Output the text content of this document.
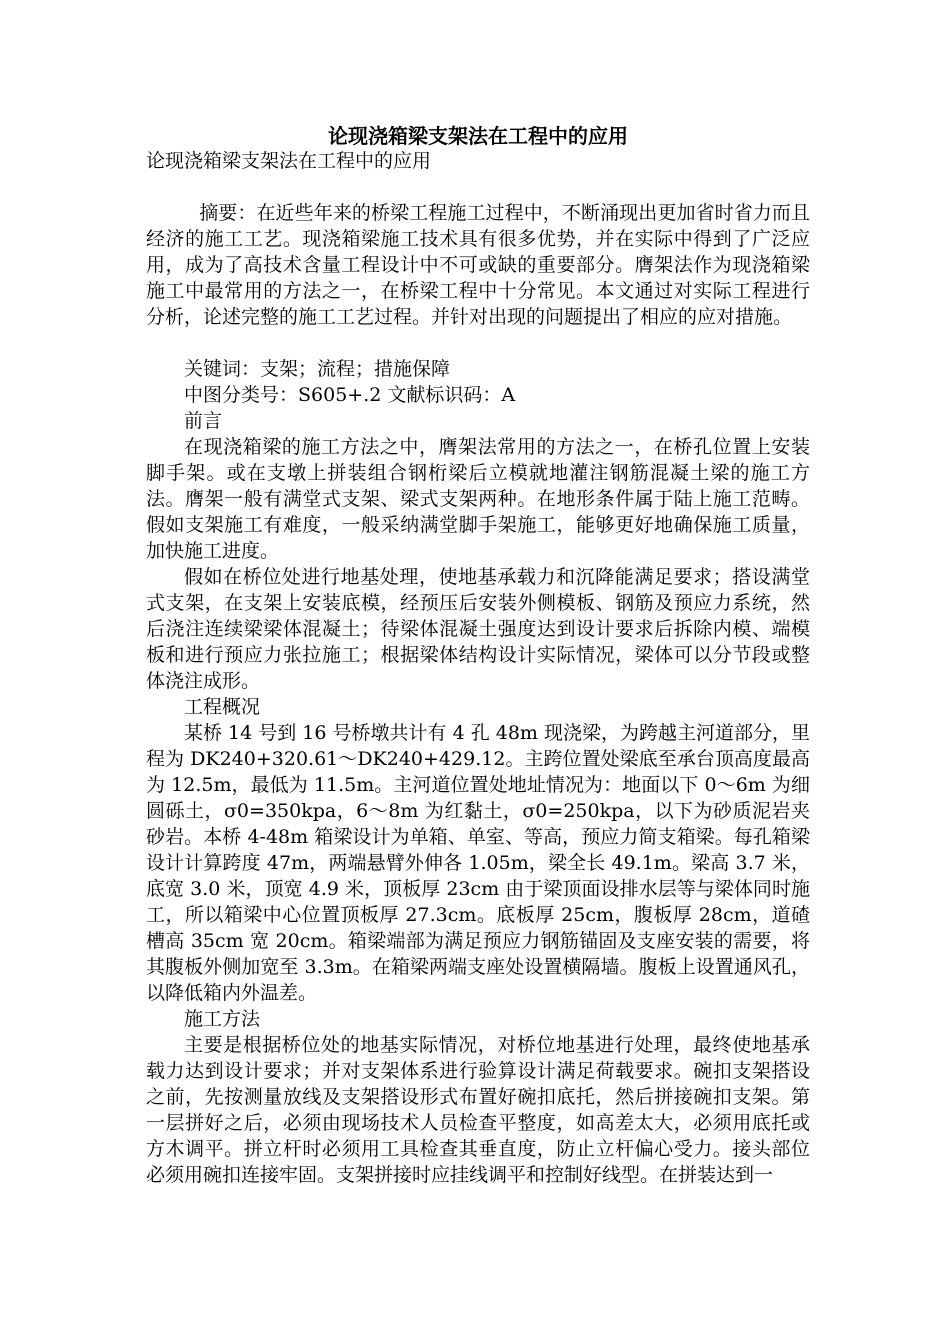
论现浇箱梁支架法在工程中的应用

论现浇箱梁支架法在工程中的应用

摘要：在近些年来的桥梁工程施工过程中，不断涌现出更加省时省力而且经济的施工工艺。现浇箱梁施工技术具有很多优势，并在实际中得到了广泛应用，成为了高技术含量工程设计中不可或缺的重要部分。膺架法作为现浇箱梁施工中最常用的方法之一，在桥梁工程中十分常见。本文通过对实际工程进行分析，论述完整的施工工艺过程。并针对出现的问题提出了相应的应对措施。

关键词：支架；流程；措施保障

中图分类号：S605+.2 文献标识码：A

前言

在现浇箱梁的施工方法之中，膺架法常用的方法之一，在桥孔位置上安装脚手架。或在支墩上拼装组合钢桁梁后立模就地灌注钢筋混凝土梁的施工方法。膺架一般有满堂式支架、梁式支架两种。在地形条件属于陆上施工范畴。假如支架施工有难度，一般采纳满堂脚手架施工，能够更好地确保施工质量，加快施工进度。

假如在桥位处进行地基处理，使地基承载力和沉降能满足要求；搭设满堂式支架，在支架上安装底模，经预压后安装外侧模板、钢筋及预应力系统，然后浇注连续梁梁体混凝土；待梁体混凝土强度达到设计要求后拆除内模、端模板和进行预应力张拉施工；根据梁体结构设计实际情况，梁体可以分节段或整体浇注成形。

工程概况

某桥 14 号到 16 号桥墩共计有 4 孔 48m 现浇梁，为跨越主河道部分，里程为 DK240+320.61～DK240+429.12。主跨位置处梁底至承台顶高度最高为 12.5m，最低为 11.5m。主河道位置处地址情况为：地面以下 0～6m 为细圆砾土，σ0=350kpa，6～8m 为红黏土，σ0=250kpa，以下为砂质泥岩夹砂岩。本桥 4-48m 箱梁设计为单箱、单室、等高，预应力简支箱梁。每孔箱梁设计计算跨度 47m，两端悬臂外伸各 1.05m，梁全长 49.1m。梁高 3.7 米，底宽 3.0 米，顶宽 4.9 米，顶板厚 23cm 由于梁顶面设排水层等与梁体同时施工，所以箱梁中心位置顶板厚 27.3cm。底板厚 25cm，腹板厚 28cm，道碴槽高 35cm 宽 20cm。箱梁端部为满足预应力钢筋锚固及支座安装的需要，将其腹板外侧加宽至 3.3m。在箱梁两端支座处设置横隔墙。腹板上设置通风孔，以降低箱内外温差。

施工方法

主要是根据桥位处的地基实际情况，对桥位地基进行处理，最终使地基承载力达到设计要求；并对支架体系进行验算设计满足荷载要求。碗扣支架搭设之前，先按测量放线及支架搭设形式布置好碗扣底托，然后拼接碗扣支架。第一层拼好之后，必须由现场技术人员检查平整度，如高差太大，必须用底托或方木调平。拼立杆时必须用工具检查其垂直度，防止立杆偏心受力。接头部位必须用碗扣连接牢固。支架拼接时应挂线调平和控制好线型。在拼装达到一
